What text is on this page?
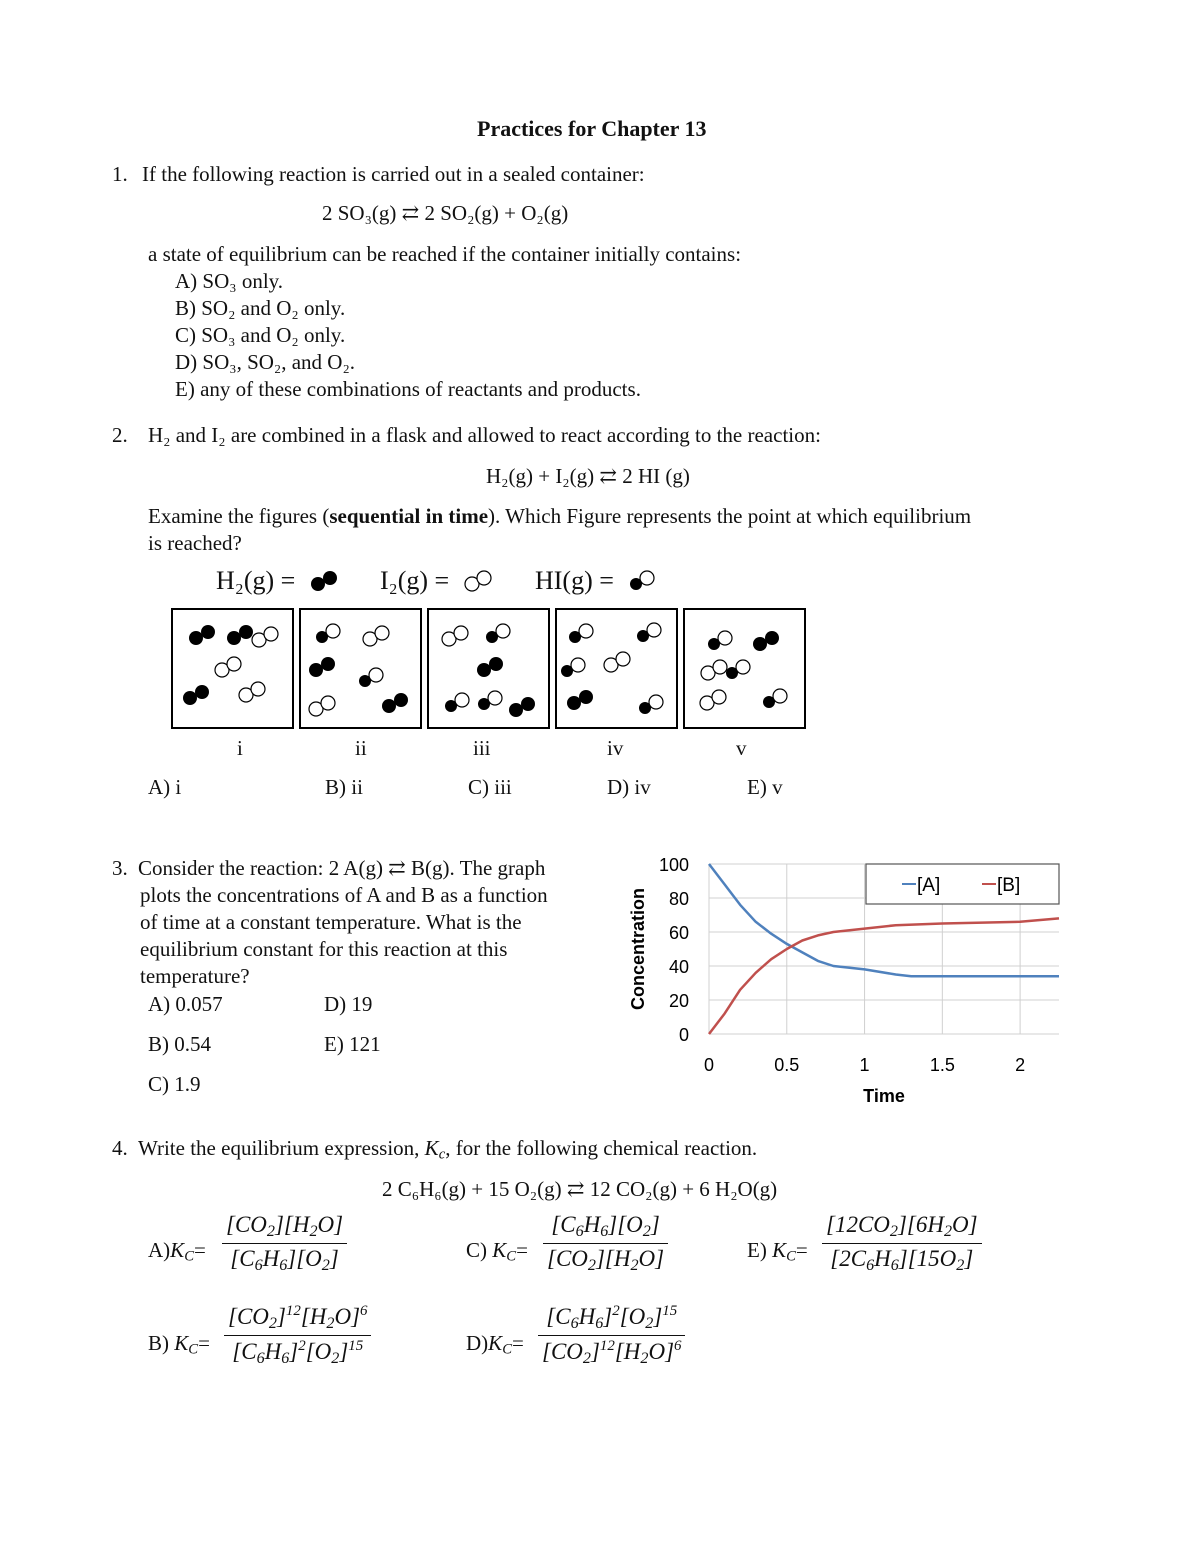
Practices for Chapter 13
1. If the following reaction is carried out in a sealed container:
2 SO₃(g) ⇄ 2 SO₂(g) + O₂(g)
a state of equilibrium can be reached if the container initially contains:
A) SO₃ only.
B) SO₂ and O₂ only.
C) SO₃ and O₂ only.
D) SO₃, SO₂, and O₂.
E) any of these combinations of reactants and products.
2. H₂ and I₂ are combined in a flask and allowed to react according to the reaction:
H₂(g) + I₂(g) ⇄ 2 HI (g)
Examine the figures (sequential in time). Which Figure represents the point at which equilibrium
is reached?
H₂(g) =	I₂(g) =	HI(g) =
i	ii	iii	iv	v
A) i	B) ii	C) iii	D) iv	E) v
3. Consider the reaction: 2 A(g) ⇄ B(g). The graph
plots the concentrations of A and B as a function
of time at a constant temperature. What is the
equilibrium constant for this reaction at this
temperature?
A) 0.057	D) 19
B) 0.54	E) 121
C) 1.9
0
20
40
60
80
100
0	0.5	1	1.5	2
Concentration
Time
[A]	[B]
4. Write the equilibrium expression, $K_c$, for the following chemical reaction.
2 C₆H₆(g) + 15 O₂(g) ⇄ 12 CO₂(g) + 6 H₂O(g)
$A)K_C=$
$[CO_2][H_2O]$
$[C_6H_6][O_2]$
B) $K_C=$
$[CO_2]^{12}[H_2O]^6$
$[C_6H_6]^2[O_2]^{15}$
C) $K_C=$
$[C_6H_6][O_2]$
$[CO_2][H_2O]$
$D)K_C=$
$[C_6H_6]^2[O_2]^{15}$
$[CO_2]^{12}[H_2O]^6$
E) $K_C=$
$[12CO_2][6H_2O]$
$[2C_6H_6][15O_2]$
